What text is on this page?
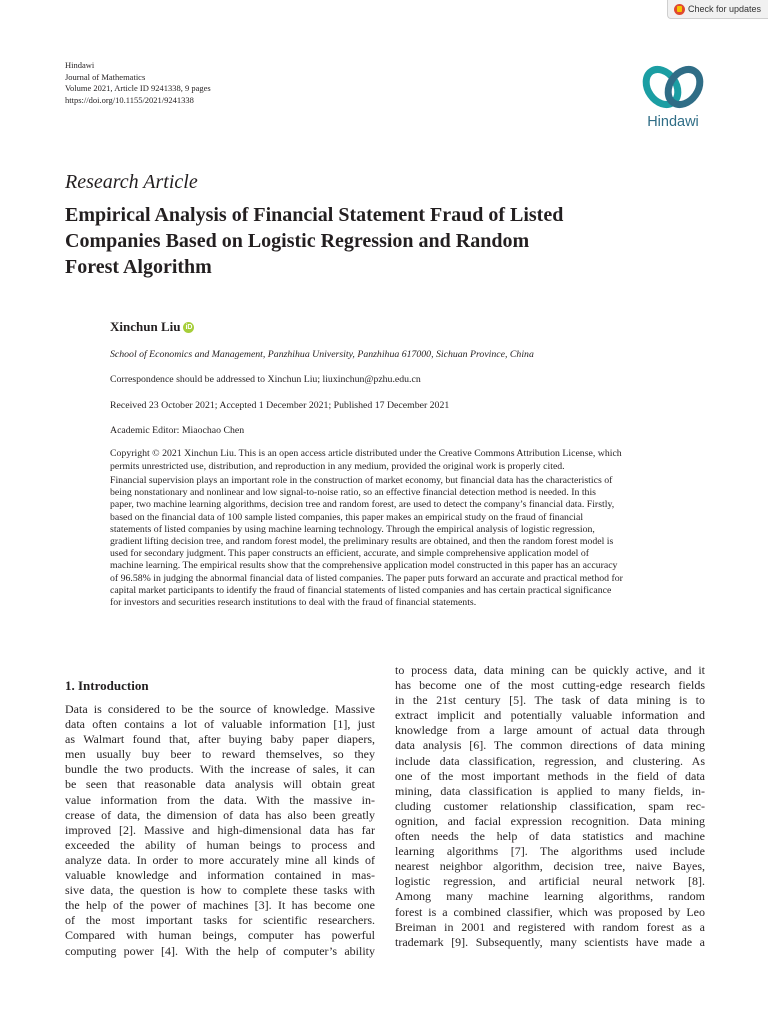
Check for updates
Hindawi
Journal of Mathematics
Volume 2021, Article ID 9241338, 9 pages
https://doi.org/10.1155/2021/9241338
Hindawi
Research Article
Empirical Analysis of Financial Statement Fraud of Listed
Companies Based on Logistic Regression and Random
Forest Algorithm
Xinchun Liu iD
School of Economics and Management, Panzhihua University, Panzhihua 617000, Sichuan Province, China
Correspondence should be addressed to Xinchun Liu; liuxinchun@pzhu.edu.cn
Received 23 October 2021; Accepted 1 December 2021; Published 17 December 2021
Academic Editor: Miaochao Chen
Copyright © 2021 Xinchun Liu. This is an open access article distributed under the Creative Commons Attribution License, which
permits unrestricted use, distribution, and reproduction in any medium, provided the original work is properly cited.
Financial supervision plays an important role in the construction of market economy, but financial data has the characteristics of
being nonstationary and nonlinear and low signal-to-noise ratio, so an effective financial detection method is needed. In this
paper, two machine learning algorithms, decision tree and random forest, are used to detect the company’s financial data. Firstly,
based on the financial data of 100 sample listed companies, this paper makes an empirical study on the fraud of financial
statements of listed companies by using machine learning technology. Through the empirical analysis of logistic regression,
gradient lifting decision tree, and random forest model, the preliminary results are obtained, and then the random forest model is
used for secondary judgment. This paper constructs an efficient, accurate, and simple comprehensive application model of
machine learning. The empirical results show that the comprehensive application model constructed in this paper has an accuracy
of 96.58% in judging the abnormal financial data of listed companies. The paper puts forward an accurate and practical method for
capital market participants to identify the fraud of financial statements of listed companies and has certain practical significance
for investors and securities research institutions to deal with the fraud of financial statements.
1. Introduction
Data is considered to be the source of knowledge. Massive
data often contains a lot of valuable information [1], just
as Walmart found that, after buying baby paper diapers,
men usually buy beer to reward themselves, so they
bundle the two products. With the increase of sales, it can
be seen that reasonable data analysis will obtain great
value information from the data. With the massive in-
crease of data, the dimension of data has also been greatly
improved [2]. Massive and high-dimensional data has far
exceeded the ability of human beings to process and
analyze data. In order to more accurately mine all kinds of
valuable knowledge and information contained in mas-
sive data, the question is how to complete these tasks with
the help of the power of machines [3]. It has become one
of the most important tasks for scientific researchers.
Compared with human beings, computer has powerful
computing power [4]. With the help of computer’s ability
to process data, data mining can be quickly active, and it
has become one of the most cutting-edge research fields
in the 21st century [5]. The task of data mining is to
extract implicit and potentially valuable information and
knowledge from a large amount of actual data through
data analysis [6]. The common directions of data mining
include data classification, regression, and clustering. As
one of the most important methods in the field of data
mining, data classification is applied to many fields, in-
cluding customer relationship classification, spam rec-
ognition, and facial expression recognition. Data mining
often needs the help of data statistics and machine
learning algorithms [7]. The algorithms used include
nearest neighbor algorithm, decision tree, naive Bayes,
logistic regression, and artificial neural network [8].
Among many machine learning algorithms, random
forest is a combined classifier, which was proposed by Leo
Breiman in 2001 and registered with random forest as a
trademark [9]. Subsequently, many scientists have made a
